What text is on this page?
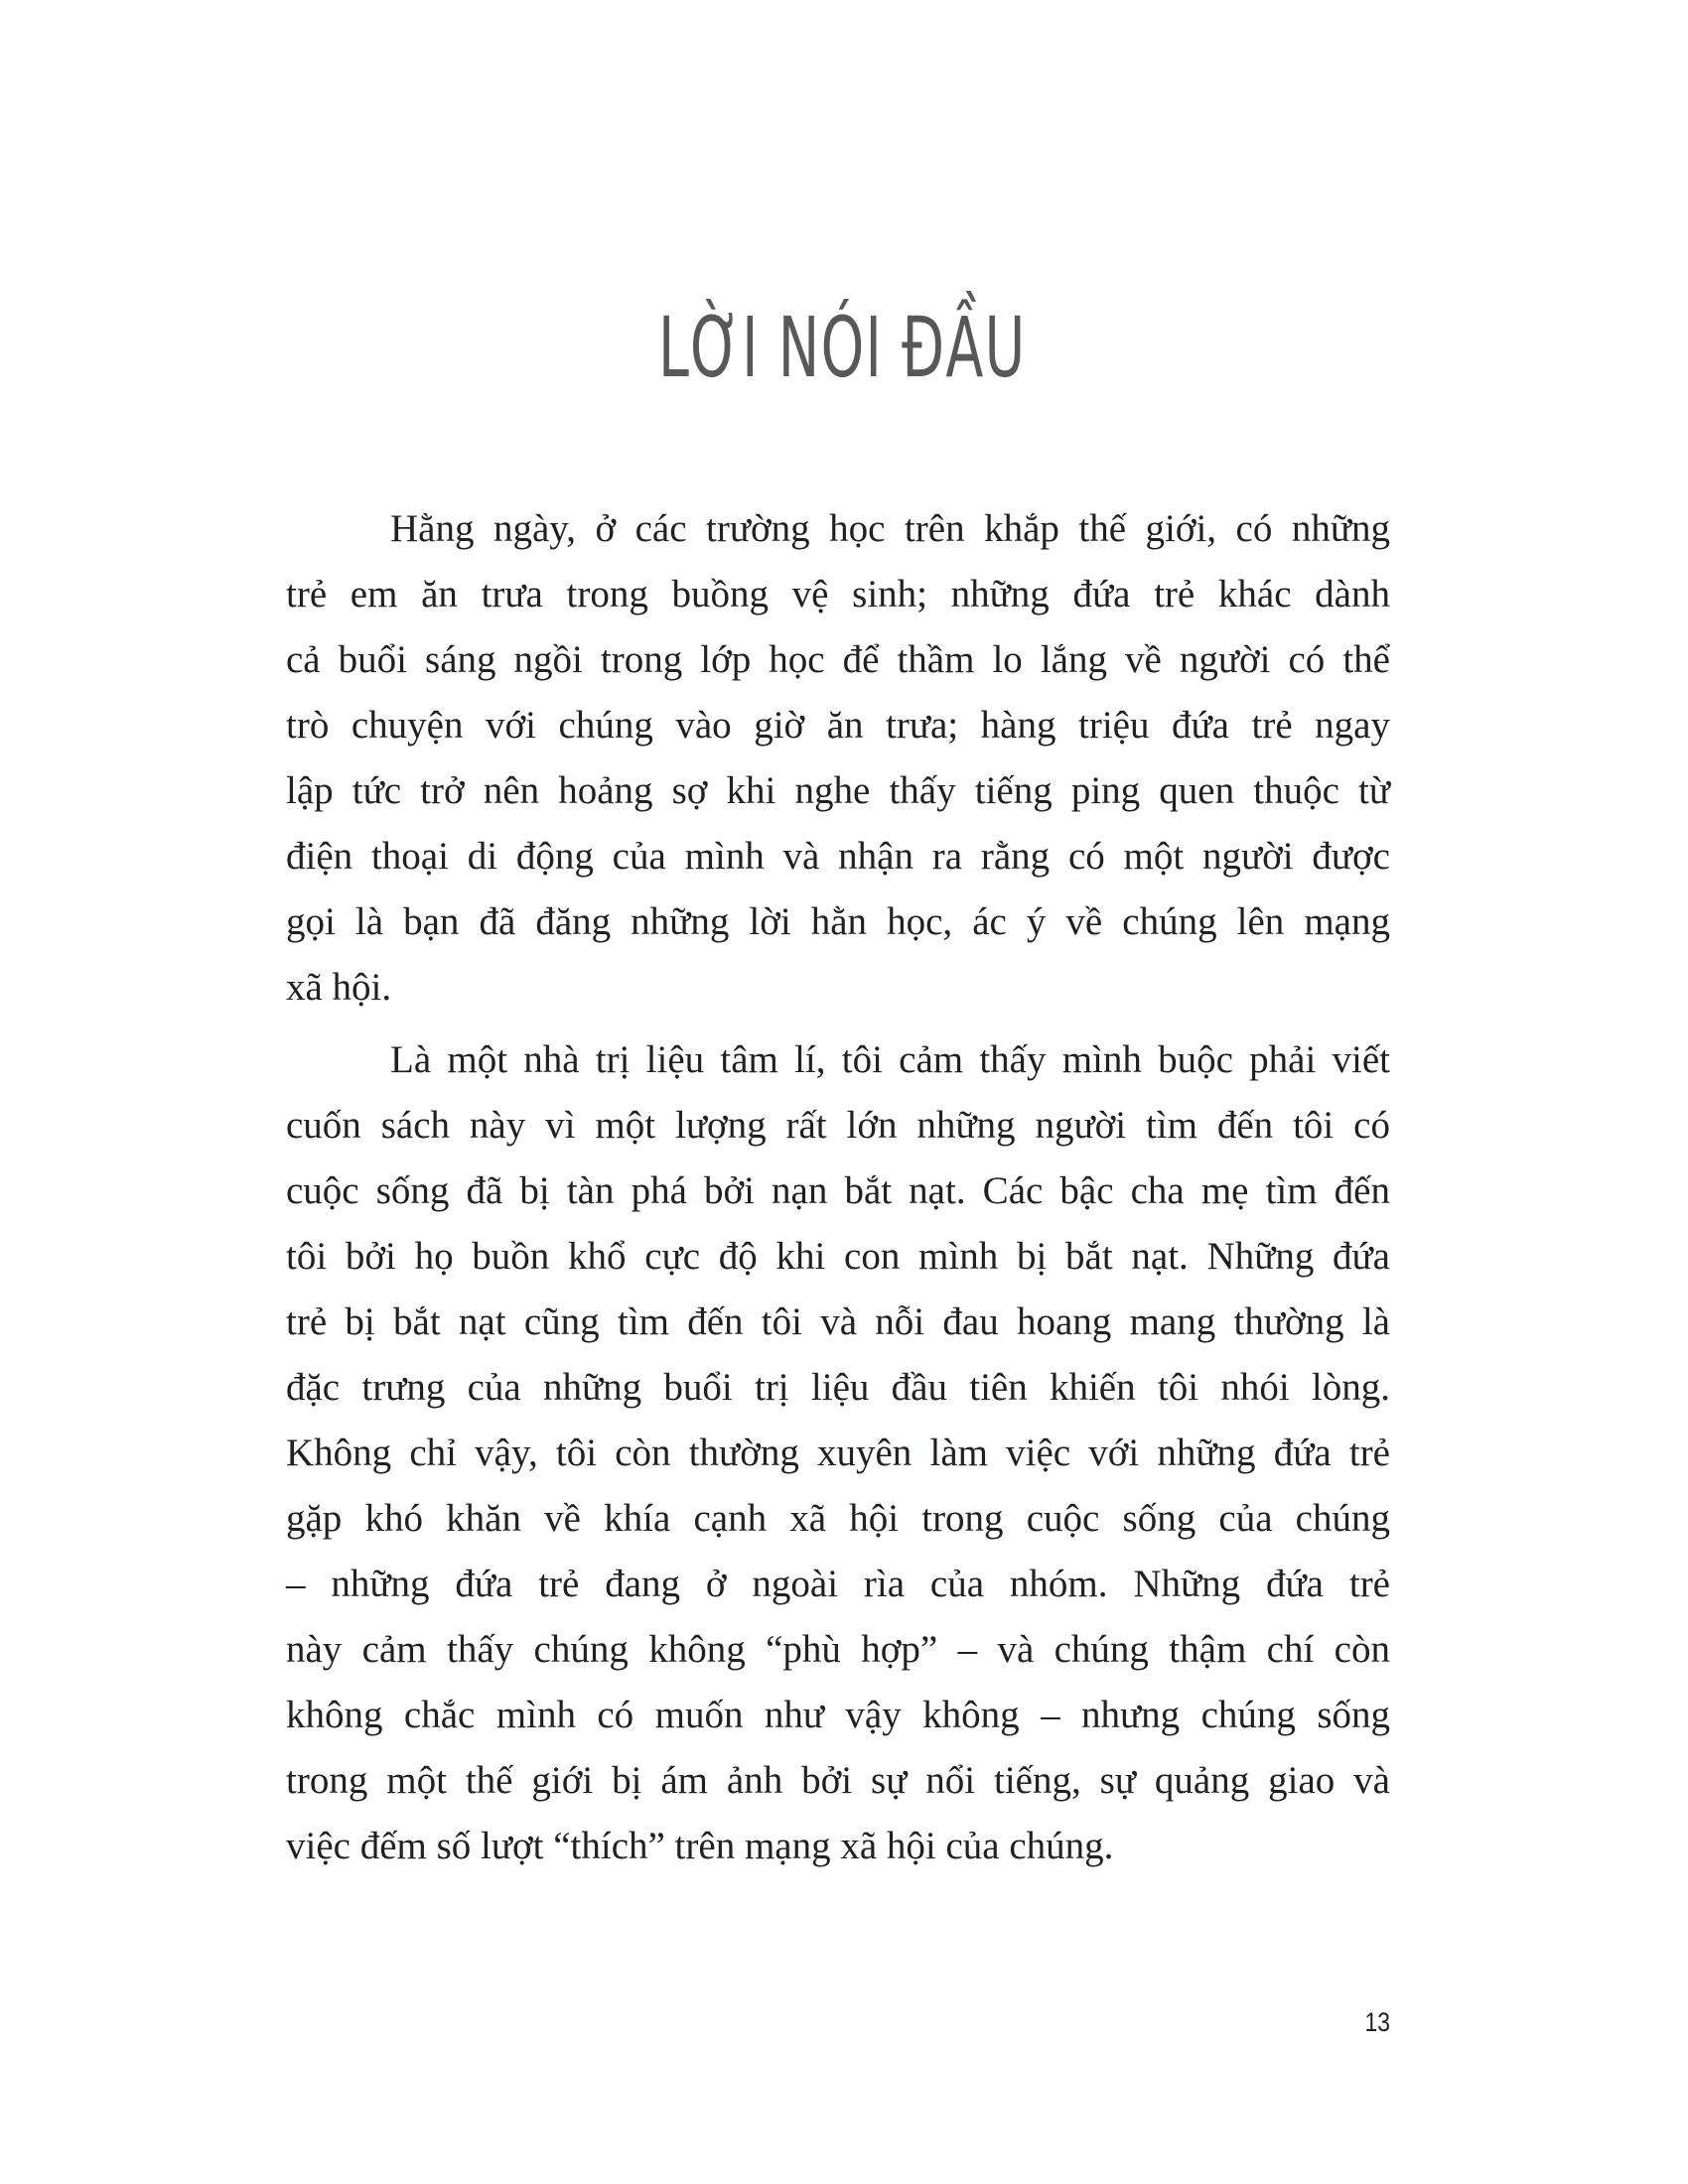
LỜI NÓI ĐẦU
Hằng ngày, ở các trường học trên khắp thế giới, có những
trẻ em ăn trưa trong buồng vệ sinh; những đứa trẻ khác dành
cả buổi sáng ngồi trong lớp học để thầm lo lắng về người có thể
trò chuyện với chúng vào giờ ăn trưa; hàng triệu đứa trẻ ngay
lập tức trở nên hoảng sợ khi nghe thấy tiếng ping quen thuộc từ
điện thoại di động của mình và nhận ra rằng có một người được
gọi là bạn đã đăng những lời hằn học, ác ý về chúng lên mạng
xã hội.
Là một nhà trị liệu tâm lí, tôi cảm thấy mình buộc phải viết
cuốn sách này vì một lượng rất lớn những người tìm đến tôi có
cuộc sống đã bị tàn phá bởi nạn bắt nạt. Các bậc cha mẹ tìm đến
tôi bởi họ buồn khổ cực độ khi con mình bị bắt nạt. Những đứa
trẻ bị bắt nạt cũng tìm đến tôi và nỗi đau hoang mang thường là
đặc trưng của những buổi trị liệu đầu tiên khiến tôi nhói lòng.
Không chỉ vậy, tôi còn thường xuyên làm việc với những đứa trẻ
gặp khó khăn về khía cạnh xã hội trong cuộc sống của chúng
– những đứa trẻ đang ở ngoài rìa của nhóm. Những đứa trẻ
này cảm thấy chúng không “phù hợp” – và chúng thậm chí còn
không chắc mình có muốn như vậy không – nhưng chúng sống
trong một thế giới bị ám ảnh bởi sự nổi tiếng, sự quảng giao và
việc đếm số lượt “thích” trên mạng xã hội của chúng.
13
